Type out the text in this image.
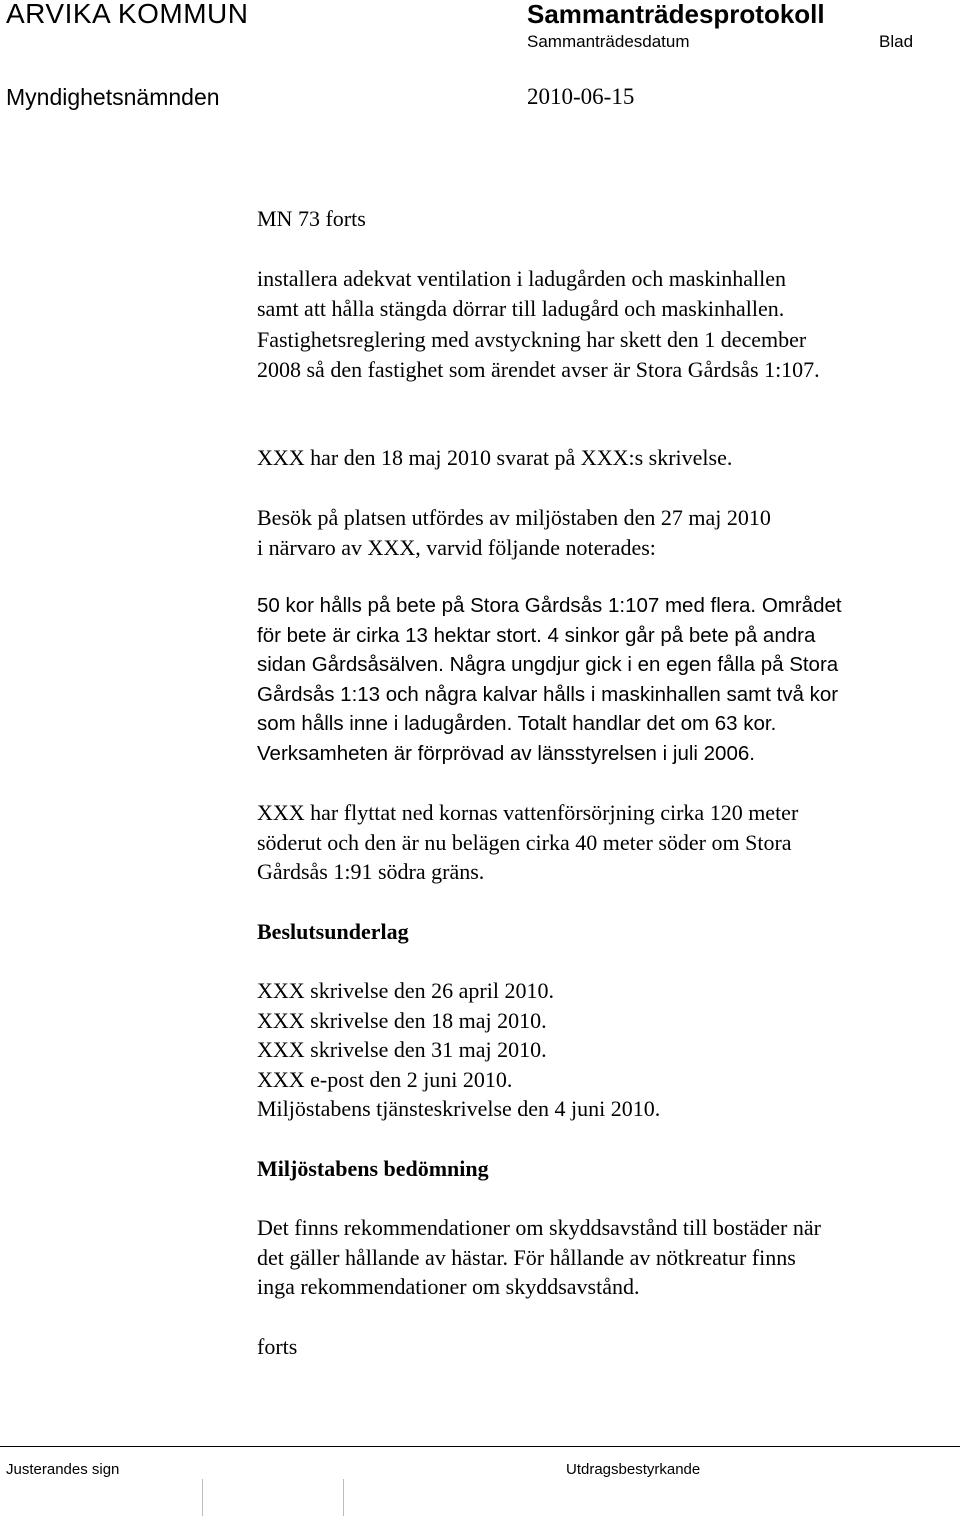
ARVIKA KOMMUN	Sammanträdesprotokoll
Sammanträdesdatum	Blad
Myndighetsnämnden	2010-06-15
MN 73 forts
installera adekvat ventilation i ladugården och maskinhallen
samt att hålla stängda dörrar till ladugård och maskinhallen.
Fastighetsreglering med avstyckning har skett den 1 december
2008 så den fastighet som ärendet avser är Stora Gårdsås 1:107.
XXX har den 18 maj 2010 svarat på XXX:s skrivelse.
Besök på platsen utfördes av miljöstaben den 27 maj 2010
i närvaro av XXX, varvid följande noterades:
50 kor hålls på bete på Stora Gårdsås 1:107 med flera. Området
för bete är cirka 13 hektar stort. 4 sinkor går på bete på andra
sidan Gårdsåsälven. Några ungdjur gick i en egen fålla på Stora
Gårdsås 1:13 och några kalvar hålls i maskinhallen samt två kor
som hålls inne i ladugården. Totalt handlar det om 63 kor.
Verksamheten är förprövad av länsstyrelsen i juli 2006.
XXX har flyttat ned kornas vattenförsörjning cirka 120 meter
söderut och den är nu belägen cirka 40 meter söder om Stora
Gårdsås 1:91 södra gräns.
Beslutsunderlag
XXX skrivelse den 26 april 2010.
XXX skrivelse den 18 maj 2010.
XXX skrivelse den 31 maj 2010.
XXX e-post den 2 juni 2010.
Miljöstabens tjänsteskrivelse den 4 juni 2010.
Miljöstabens bedömning
Det finns rekommendationer om skyddsavstånd till bostäder när
det gäller hållande av hästar. För hållande av nötkreatur finns
inga rekommendationer om skyddsavstånd.
forts
Justerandes sign	Utdragsbestyrkande
